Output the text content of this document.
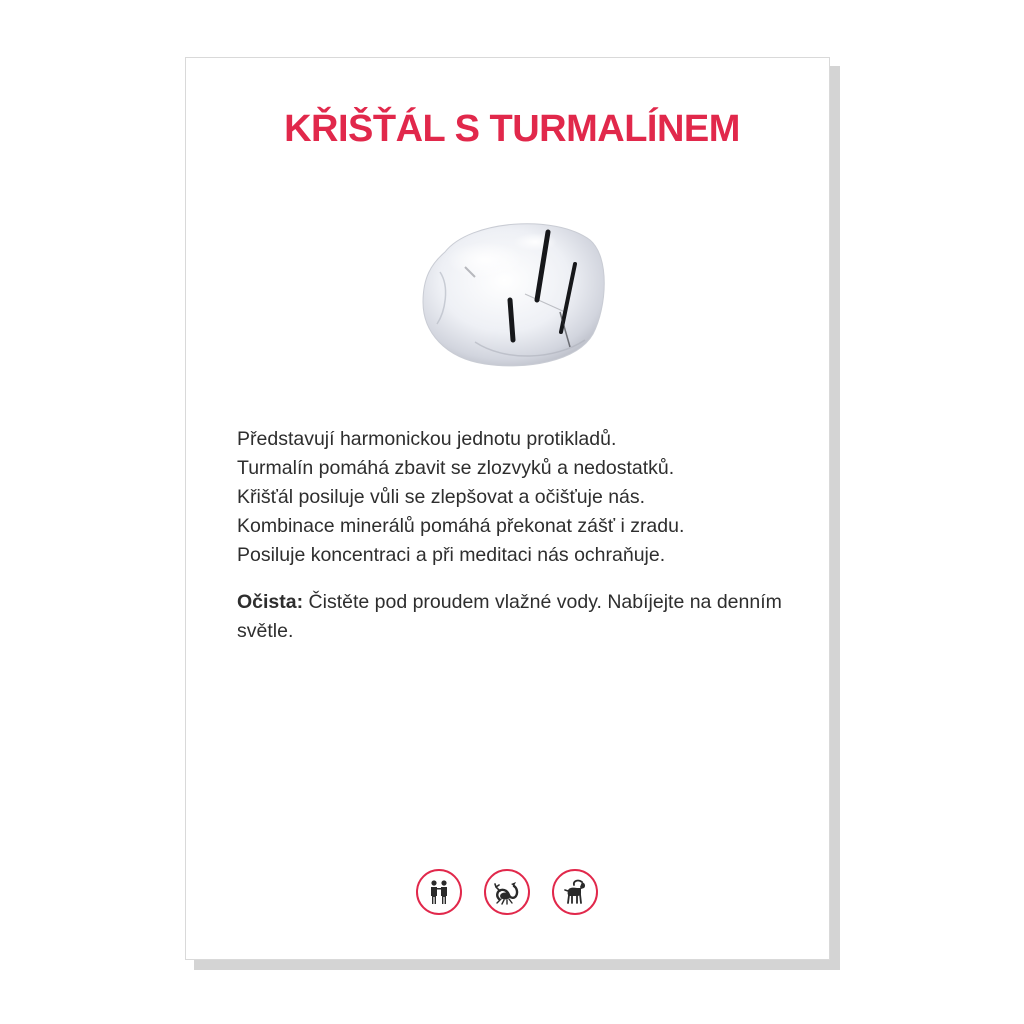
KŘIŠŤÁL S TURMALÍNEM

Představují harmonickou jednotu protikladů.
Turmalín pomáhá zbavit se zlozvyků a nedostatků.
Křišťál posiluje vůli se zlepšovat a očišťuje nás.
Kombinace minerálů pomáhá překonat zášť i zradu.
Posiluje koncentraci a při meditaci nás ochraňuje.

Očista: Čistěte pod proudem vlažné vody. Nabíjejte na denním světle.
